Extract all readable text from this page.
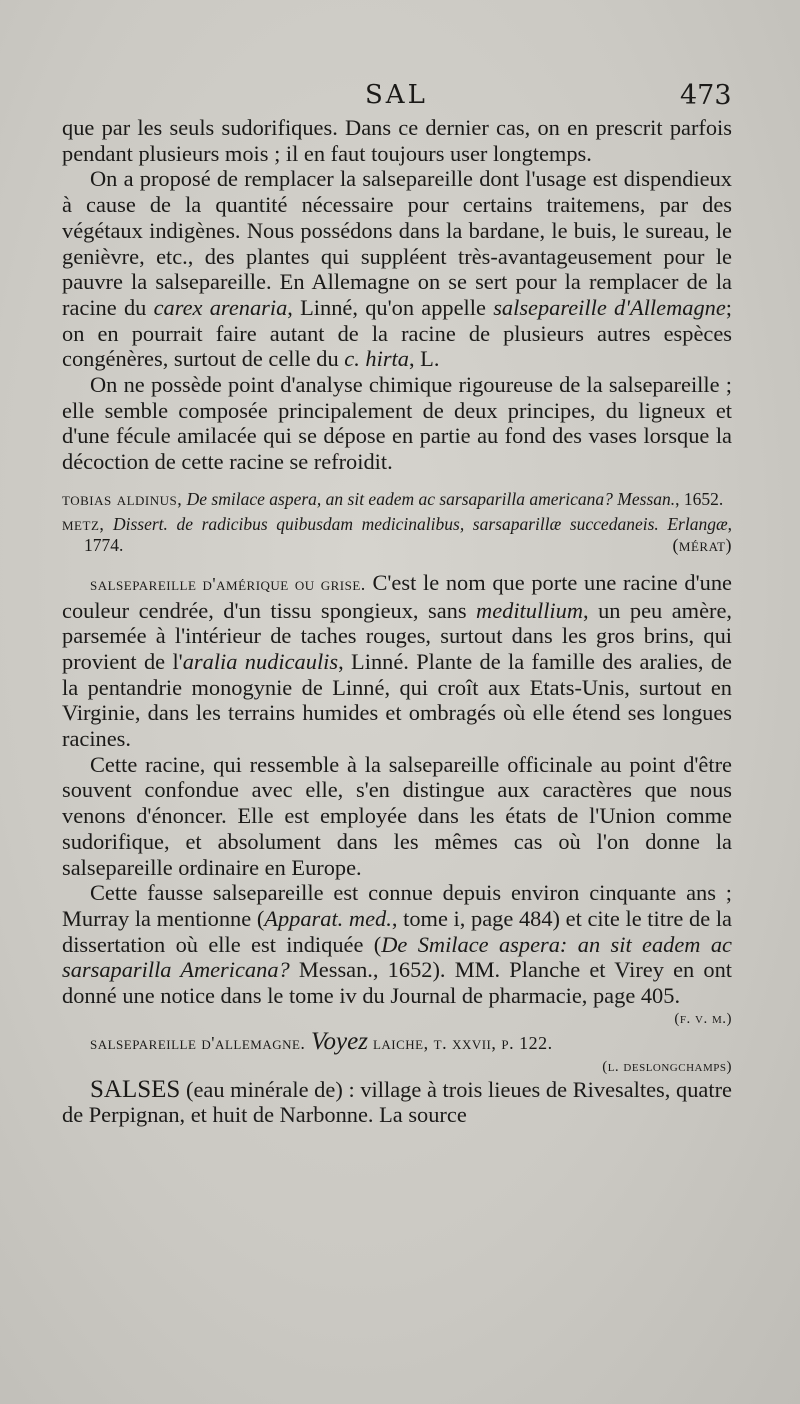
SAL	473

que par les seuls sudorifiques. Dans ce dernier cas, on en prescrit parfois pendant plusieurs mois ; il en faut toujours user longtemps.

On a proposé de remplacer la salsepareille dont l'usage est dispendieux à cause de la quantité nécessaire pour certains traitemens, par des végétaux indigènes. Nous possédons dans la bardane, le buis, le sureau, le genièvre, etc., des plantes qui suppléent très-avantageusement pour le pauvre la salsepareille. En Allemagne on se sert pour la remplacer de la racine du carex arenaria, Linné, qu'on appelle salsepareille d'Allemagne; on en pourrait faire autant de la racine de plusieurs autres espèces congénères, surtout de celle du c. hirta, L.

On ne possède point d'analyse chimique rigoureuse de la salsepareille ; elle semble composée principalement de deux principes, du ligneux et d'une fécule amilacée qui se dépose en partie au fond des vases lorsque la décoction de cette racine se refroidit.

tobias aldinus, De smilace aspera, an sit eadem ac sarsaparilla americana? Messan., 1652.

metz, Dissert. de radicibus quibusdam medicinalibus, sarsaparillæ succedaneis. Erlangæ, 1774.	(mérat)

salsepareille d'amérique ou grise. C'est le nom que porte une racine d'une couleur cendrée, d'un tissu spongieux, sans meditullium, un peu amère, parsemée à l'intérieur de taches rouges, surtout dans les gros brins, qui provient de l'aralia nudicaulis, Linné. Plante de la famille des aralies, de la pentandrie monogynie de Linné, qui croît aux Etats-Unis, surtout en Virginie, dans les terrains humides et ombragés où elle étend ses longues racines.

Cette racine, qui ressemble à la salsepareille officinale au point d'être souvent confondue avec elle, s'en distingue aux caractères que nous venons d'énoncer. Elle est employée dans les états de l'Union comme sudorifique, et absolument dans les mêmes cas où l'on donne la salsepareille ordinaire en Europe.

Cette fausse salsepareille est connue depuis environ cinquante ans ; Murray la mentionne (Apparat. med., tome i, page 484) et cite le titre de la dissertation où elle est indiquée (De Smilace aspera: an sit eadem ac sarsaparilla Americana? Messan., 1652). MM. Planche et Virey en ont donné une notice dans le tome iv du Journal de pharmacie, page 405.

(f. v. m.)

salsepareille d'allemagne. Voyez laiche, t. xxvii, p. 122.

(l. deslongchamps)

SALSES (eau minérale de) : village à trois lieues de Rivesaltes, quatre de Perpignan, et huit de Narbonne. La source
